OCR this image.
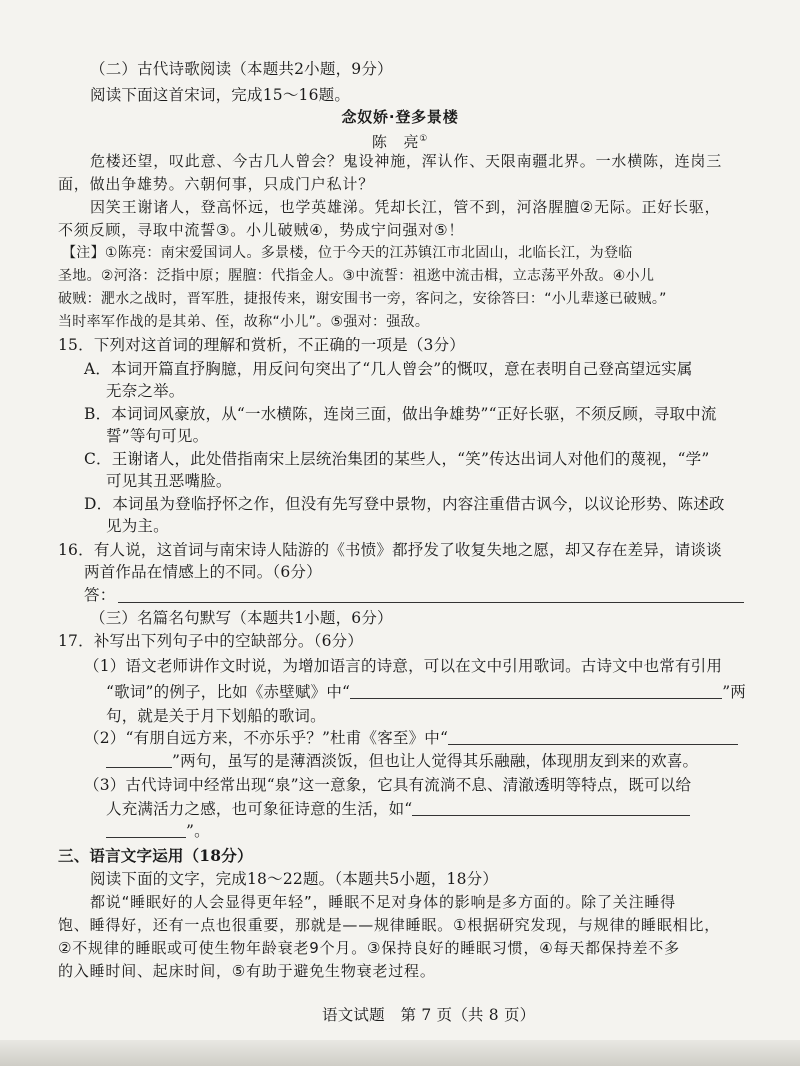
（二）古代诗歌阅读（本题共2小题，9分）
阅读下面这首宋词，完成15～16题。
念奴娇·登多景楼
陈　亮①
危楼还望，叹此意、今古几人曾会？鬼设神施，浑认作、天限南疆北界。一水横陈，连岗三
面，做出争雄势。六朝何事，只成门户私计？
因笑王谢诸人，登高怀远，也学英雄涕。凭却长江，管不到，河洛腥膻②无际。正好长驱，
不须反顾，寻取中流誓③。小儿破贼④，势成宁问强对⑤！
【注】①陈亮：南宋爱国词人。多景楼，位于今天的江苏镇江市北固山，北临长江，为登临
圣地。②河洛：泛指中原；腥膻：代指金人。③中流誓：祖逖中流击楫，立志荡平外敌。④小儿
破贼：淝水之战时，晋军胜，捷报传来，谢安围书一旁，客问之，安徐答曰：“小儿辈遂已破贼。”
当时率军作战的是其弟、侄，故称“小儿”。⑤强对：强敌。
15．下列对这首词的理解和赏析，不正确的一项是（3分）
A．本词开篇直抒胸臆，用反问句突出了“几人曾会”的慨叹，意在表明自己登高望远实属
无奈之举。
B．本词词风豪放，从“一水横陈，连岗三面，做出争雄势”“正好长驱，不须反顾，寻取中流
誓”等句可见。
C．王谢诸人，此处借指南宋上层统治集团的某些人，“笑”传达出词人对他们的蔑视，“学”
可见其丑恶嘴脸。
D．本词虽为登临抒怀之作，但没有先写登中景物，内容注重借古讽今，以议论形势、陈述政
见为主。
16．有人说，这首词与南宋诗人陆游的《书愤》都抒发了收复失地之愿，却又存在差异，请谈谈
两首作品在情感上的不同。（6分）
答：
（三）名篇名句默写（本题共1小题，6分）
17．补写出下列句子中的空缺部分。（6分）
（1）语文老师讲作文时说，为增加语言的诗意，可以在文中引用歌词。古诗文中也常有引用
“歌词”的例子，比如《赤壁赋》中“	”两
句，就是关于月下划船的歌词。
（2）“有朋自远方来，不亦乐乎？”杜甫《客至》中“
”两句，虽写的是薄酒淡饭，但也让人觉得其乐融融，体现朋友到来的欢喜。
（3）古代诗词中经常出现“泉”这一意象，它具有流淌不息、清澈透明等特点，既可以给
人充满活力之感，也可象征诗意的生活，如“
”。
三、语言文字运用（18分）
阅读下面的文字，完成18～22题。（本题共5小题，18分）
都说“睡眠好的人会显得更年轻”，睡眠不足对身体的影响是多方面的。除了关注睡得
饱、睡得好，还有一点也很重要，那就是——规律睡眠。①根据研究发现，与规律的睡眠相比，
②不规律的睡眠或可使生物年龄衰老9个月。③保持良好的睡眠习惯，④每天都保持差不多
的入睡时间、起床时间，⑤有助于避免生物衰老过程。
语文试题　 第 7 页（共 8 页）
